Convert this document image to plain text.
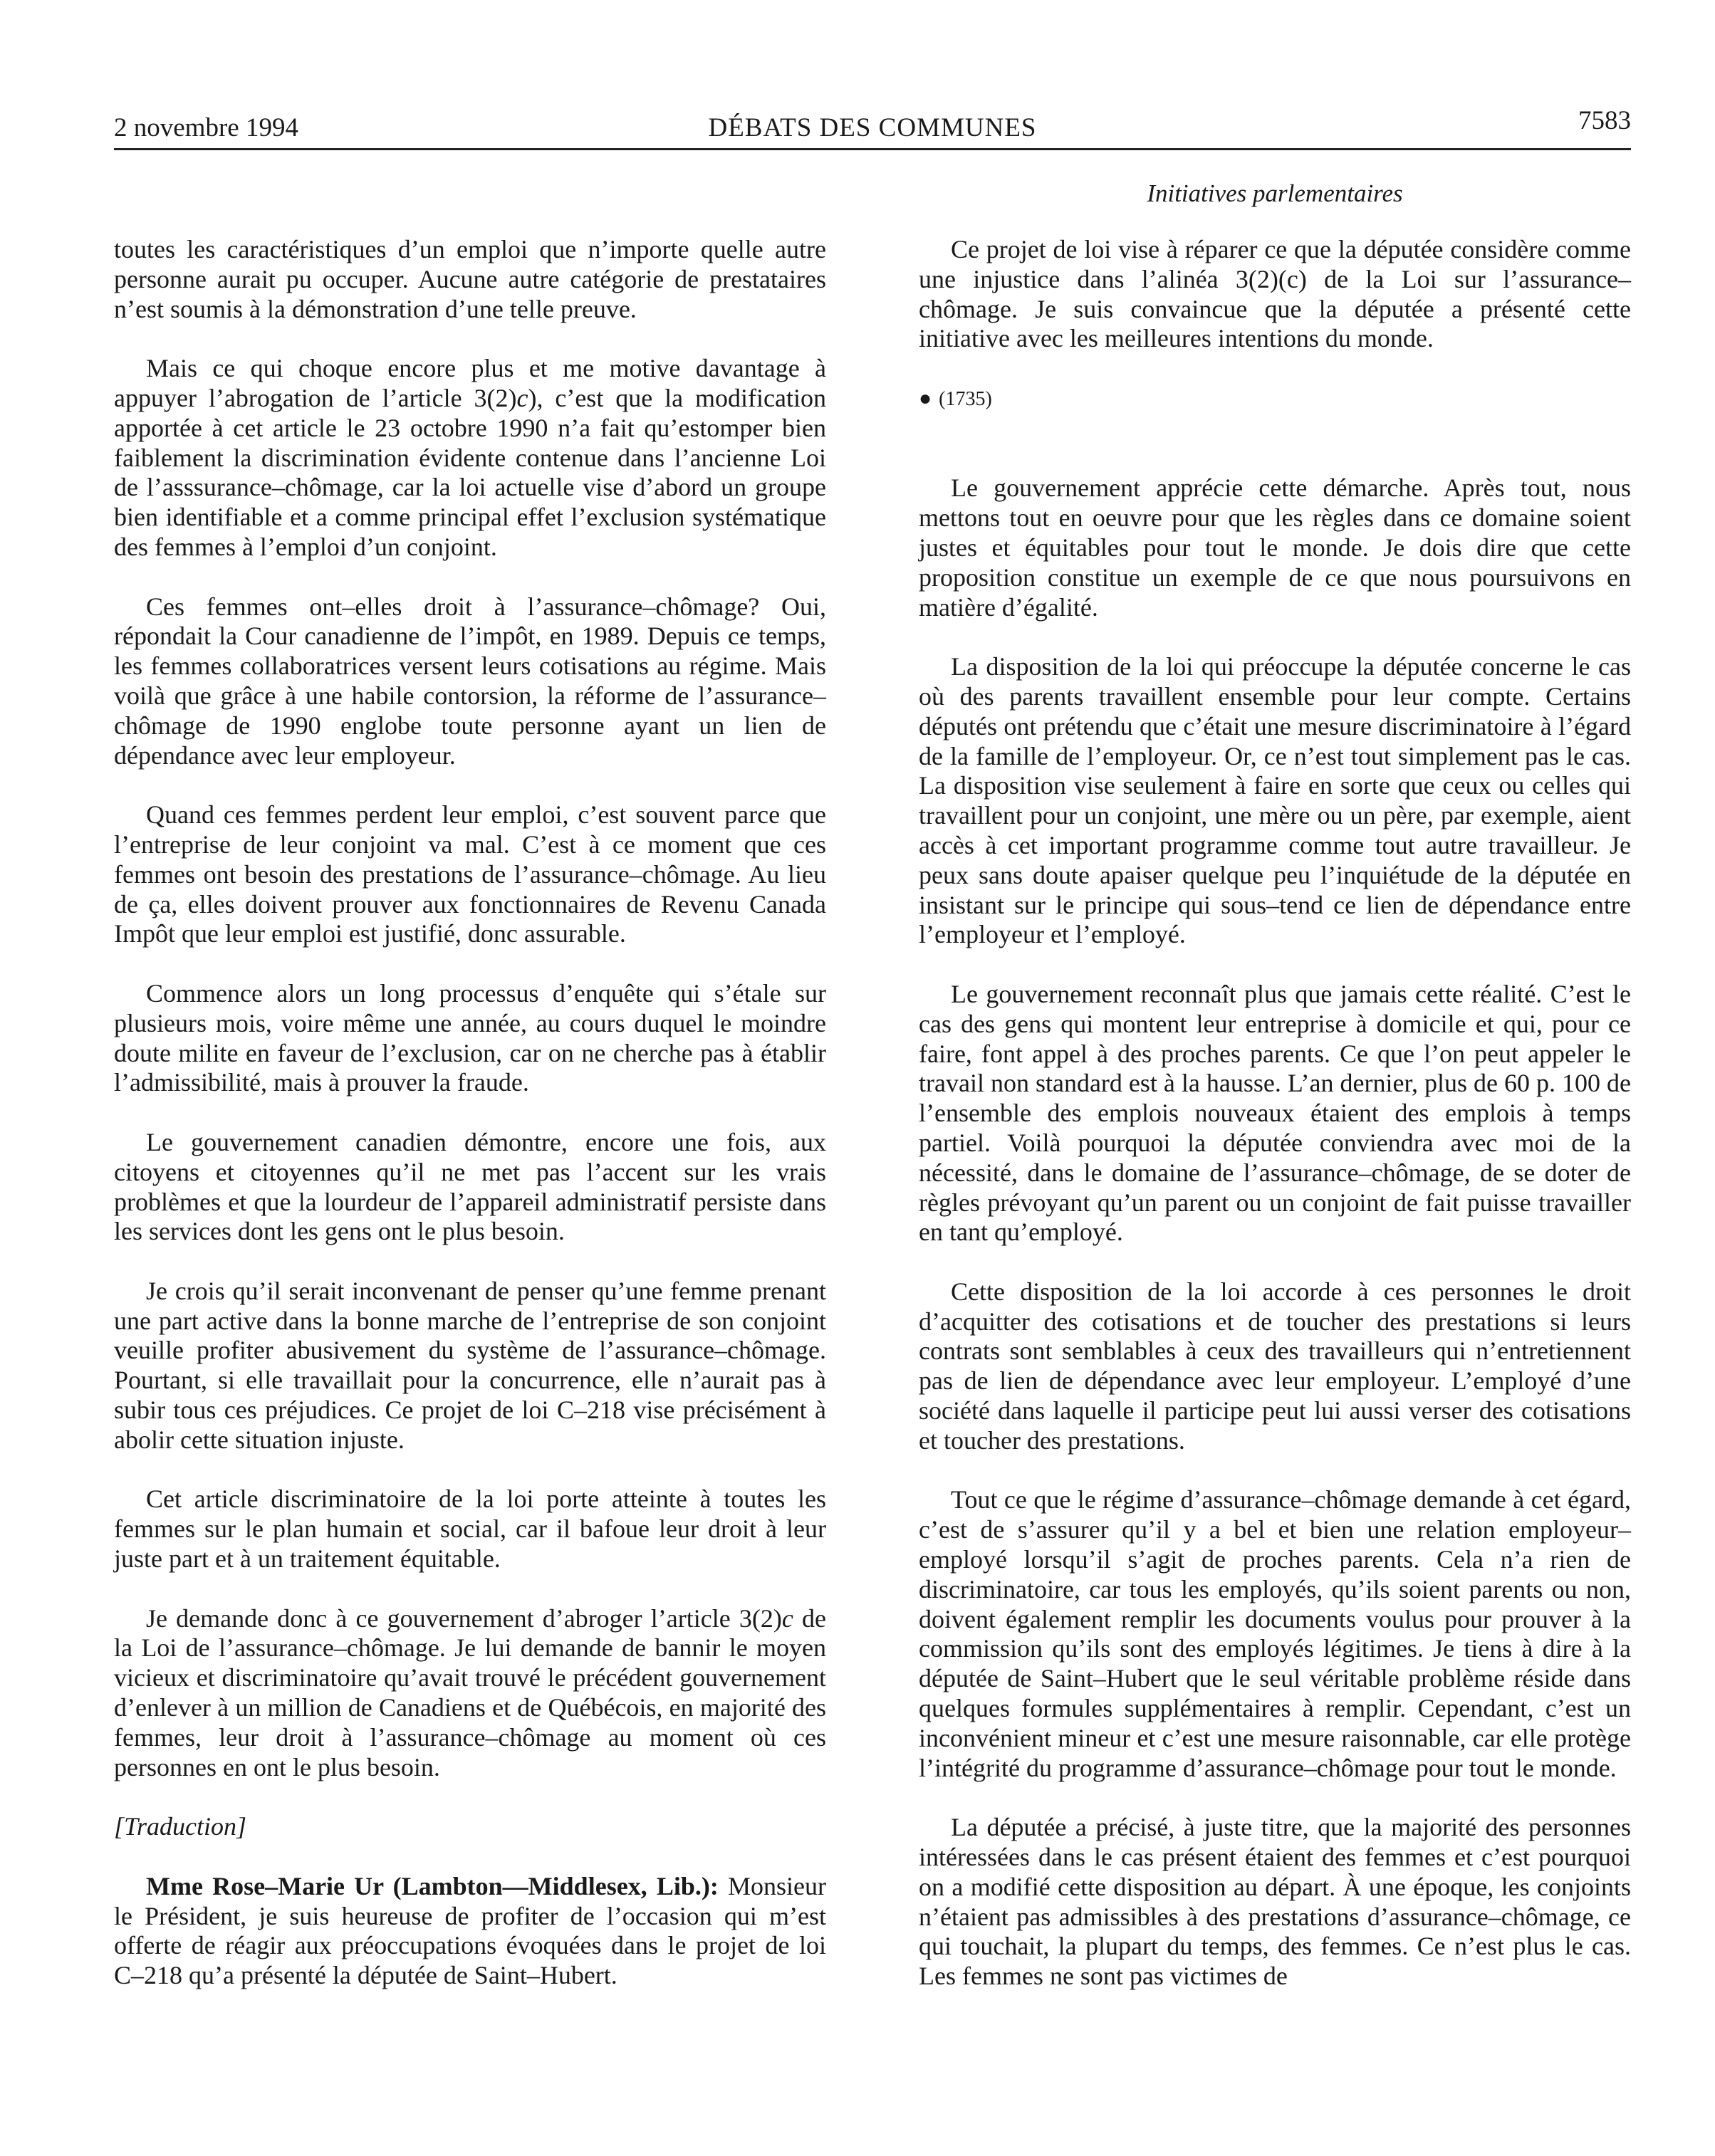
2 novembre 1994	DÉBATS DES COMMUNES	7583
Initiatives parlementaires

toutes les caractéristiques d’un emploi que n’importe quelle autre personne aurait pu occuper. Aucune autre catégorie de prestataires n’est soumis à la démonstration d’une telle preuve.

Mais ce qui choque encore plus et me motive davantage à appuyer l’abrogation de l’article 3(2)c), c’est que la modification apportée à cet article le 23 octobre 1990 n’a fait qu’estomper bien faiblement la discrimination évidente contenue dans l’ancienne Loi de l’asssurance–chômage, car la loi actuelle vise d’abord un groupe bien identifiable et a comme principal effet l’exclusion systématique des femmes à l’emploi d’un conjoint.

Ces femmes ont–elles droit à l’assurance–chômage? Oui, répondait la Cour canadienne de l’impôt, en 1989. Depuis ce temps, les femmes collaboratrices versent leurs cotisations au régime. Mais voilà que grâce à une habile contorsion, la réforme de l’assurance–chômage de 1990 englobe toute personne ayant un lien de dépendance avec leur employeur.

Quand ces femmes perdent leur emploi, c’est souvent parce que l’entreprise de leur conjoint va mal. C’est à ce moment que ces femmes ont besoin des prestations de l’assurance–chômage. Au lieu de ça, elles doivent prouver aux fonctionnaires de Revenu Canada Impôt que leur emploi est justifié, donc assurable.

Commence alors un long processus d’enquête qui s’étale sur plusieurs mois, voire même une année, au cours duquel le moindre doute milite en faveur de l’exclusion, car on ne cherche pas à établir l’admissibilité, mais à prouver la fraude.

Le gouvernement canadien démontre, encore une fois, aux citoyens et citoyennes qu’il ne met pas l’accent sur les vrais problèmes et que la lourdeur de l’appareil administratif persiste dans les services dont les gens ont le plus besoin.

Je crois qu’il serait inconvenant de penser qu’une femme prenant une part active dans la bonne marche de l’entreprise de son conjoint veuille profiter abusivement du système de l’assurance–chômage. Pourtant, si elle travaillait pour la concurrence, elle n’aurait pas à subir tous ces préjudices. Ce projet de loi C–218 vise précisément à abolir cette situation injuste.

Cet article discriminatoire de la loi porte atteinte à toutes les femmes sur le plan humain et social, car il bafoue leur droit à leur juste part et à un traitement équitable.

Je demande donc à ce gouvernement d’abroger l’article 3(2)c de la Loi de l’assurance–chômage. Je lui demande de bannir le moyen vicieux et discriminatoire qu’avait trouvé le précédent gouvernement d’enlever à un million de Canadiens et de Québécois, en majorité des femmes, leur droit à l’assurance–chômage au moment où ces personnes en ont le plus besoin.

[Traduction]

Mme Rose–Marie Ur (Lambton—Middlesex, Lib.): Monsieur le Président, je suis heureuse de profiter de l’occasion qui m’est offerte de réagir aux préoccupations évoquées dans le projet de loi C–218 qu’a présenté la députée de Saint–Hubert.

Ce projet de loi vise à réparer ce que la députée considère comme une injustice dans l’alinéa 3(2)(c) de la Loi sur l’assurance–chômage. Je suis convaincue que la députée a présenté cette initiative avec les meilleures intentions du monde.

● (1735)

Le gouvernement apprécie cette démarche. Après tout, nous mettons tout en oeuvre pour que les règles dans ce domaine soient justes et équitables pour tout le monde. Je dois dire que cette proposition constitue un exemple de ce que nous poursuivons en matière d’égalité.

La disposition de la loi qui préoccupe la députée concerne le cas où des parents travaillent ensemble pour leur compte. Certains députés ont prétendu que c’était une mesure discriminatoire à l’égard de la famille de l’employeur. Or, ce n’est tout simplement pas le cas. La disposition vise seulement à faire en sorte que ceux ou celles qui travaillent pour un conjoint, une mère ou un père, par exemple, aient accès à cet important programme comme tout autre travailleur. Je peux sans doute apaiser quelque peu l’inquiétude de la députée en insistant sur le principe qui sous–tend ce lien de dépendance entre l’employeur et l’employé.

Le gouvernement reconnaît plus que jamais cette réalité. C’est le cas des gens qui montent leur entreprise à domicile et qui, pour ce faire, font appel à des proches parents. Ce que l’on peut appeler le travail non standard est à la hausse. L’an dernier, plus de 60 p. 100 de l’ensemble des emplois nouveaux étaient des emplois à temps partiel. Voilà pourquoi la députée conviendra avec moi de la nécessité, dans le domaine de l’assurance–chômage, de se doter de règles prévoyant qu’un parent ou un conjoint de fait puisse travailler en tant qu’employé.

Cette disposition de la loi accorde à ces personnes le droit d’acquitter des cotisations et de toucher des prestations si leurs contrats sont semblables à ceux des travailleurs qui n’entretiennent pas de lien de dépendance avec leur employeur. L’employé d’une société dans laquelle il participe peut lui aussi verser des cotisations et toucher des prestations.

Tout ce que le régime d’assurance–chômage demande à cet égard, c’est de s’assurer qu’il y a bel et bien une relation employeur–employé lorsqu’il s’agit de proches parents. Cela n’a rien de discriminatoire, car tous les employés, qu’ils soient parents ou non, doivent également remplir les documents voulus pour prouver à la commission qu’ils sont des employés légitimes. Je tiens à dire à la députée de Saint–Hubert que le seul véritable problème réside dans quelques formules supplémentaires à remplir. Cependant, c’est un inconvénient mineur et c’est une mesure raisonnable, car elle protège l’intégrité du programme d’assurance–chômage pour tout le monde.

La députée a précisé, à juste titre, que la majorité des personnes intéressées dans le cas présent étaient des femmes et c’est pourquoi on a modifié cette disposition au départ. À une époque, les conjoints n’étaient pas admissibles à des prestations d’assurance–chômage, ce qui touchait, la plupart du temps, des femmes. Ce n’est plus le cas. Les femmes ne sont pas victimes de
